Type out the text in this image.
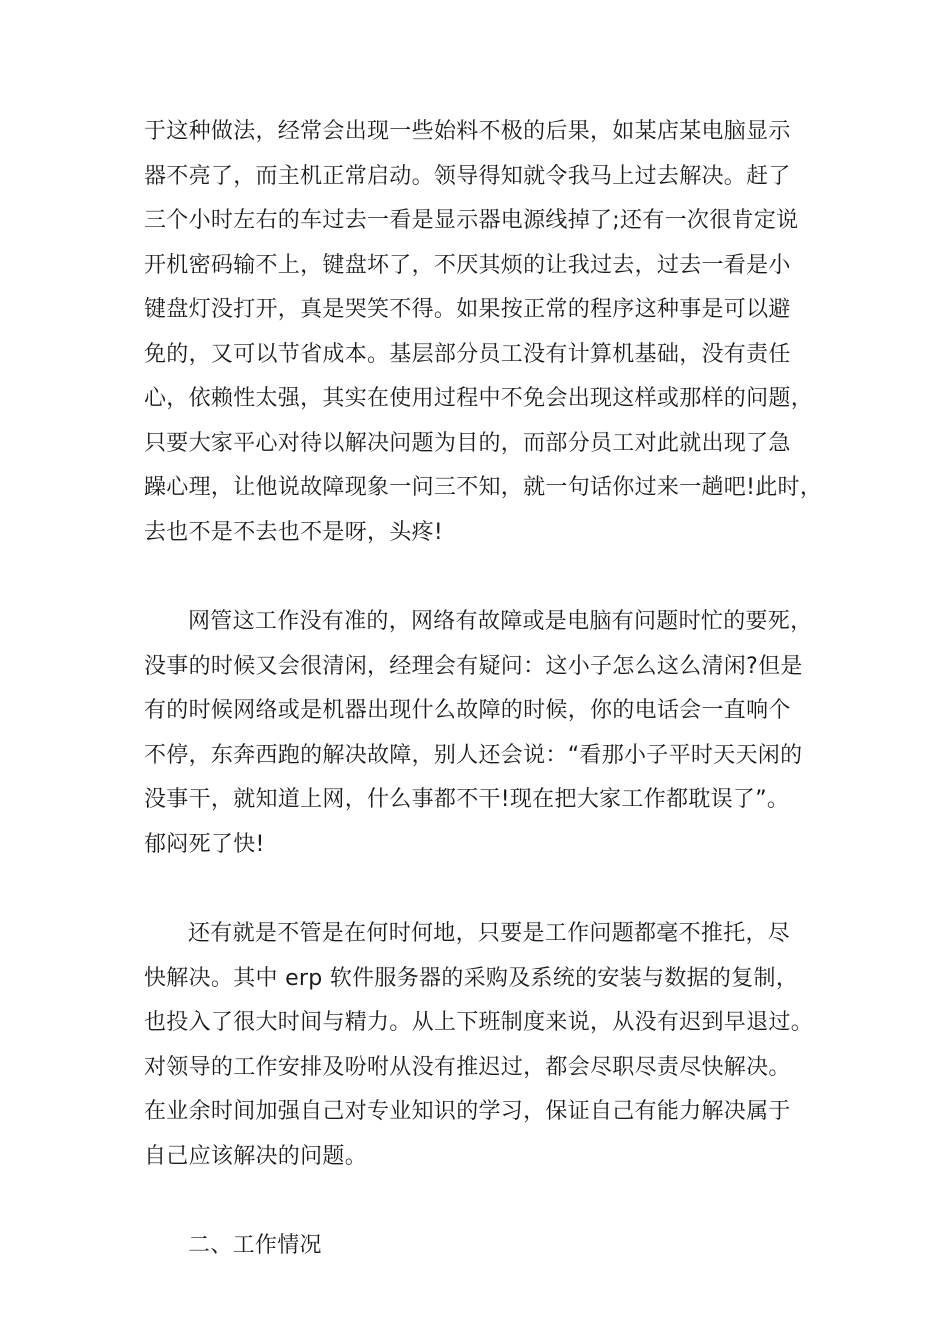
于这种做法，经常会出现一些始料不极的后果，如某店某电脑显示
器不亮了，而主机正常启动。领导得知就令我马上过去解决。赶了
三个小时左右的车过去一看是显示器电源线掉了;还有一次很肯定说
开机密码输不上，键盘坏了，不厌其烦的让我过去，过去一看是小
键盘灯没打开，真是哭笑不得。如果按正常的程序这种事是可以避
免的，又可以节省成本。基层部分员工没有计算机基础，没有责任
心，依赖性太强，其实在使用过程中不免会出现这样或那样的问题，
只要大家平心对待以解决问题为目的，而部分员工对此就出现了急
躁心理，让他说故障现象一问三不知，就一句话你过来一趟吧!此时，
去也不是不去也不是呀，头疼!

网管这工作没有准的，网络有故障或是电脑有问题时忙的要死，
没事的时候又会很清闲，经理会有疑问：这小子怎么这么清闲?但是
有的时候网络或是机器出现什么故障的时候，你的电话会一直响个
不停，东奔西跑的解决故障，别人还会说：“看那小子平时天天闲的
没事干，就知道上网，什么事都不干!现在把大家工作都耽误了”。
郁闷死了快!

还有就是不管是在何时何地，只要是工作问题都毫不推托，尽
快解决。其中 erp 软件服务器的采购及系统的安装与数据的复制，
也投入了很大时间与精力。从上下班制度来说，从没有迟到早退过。
对领导的工作安排及吩咐从没有推迟过，都会尽职尽责尽快解决。
在业余时间加强自己对专业知识的学习，保证自己有能力解决属于
自己应该解决的问题。

二、工作情况
